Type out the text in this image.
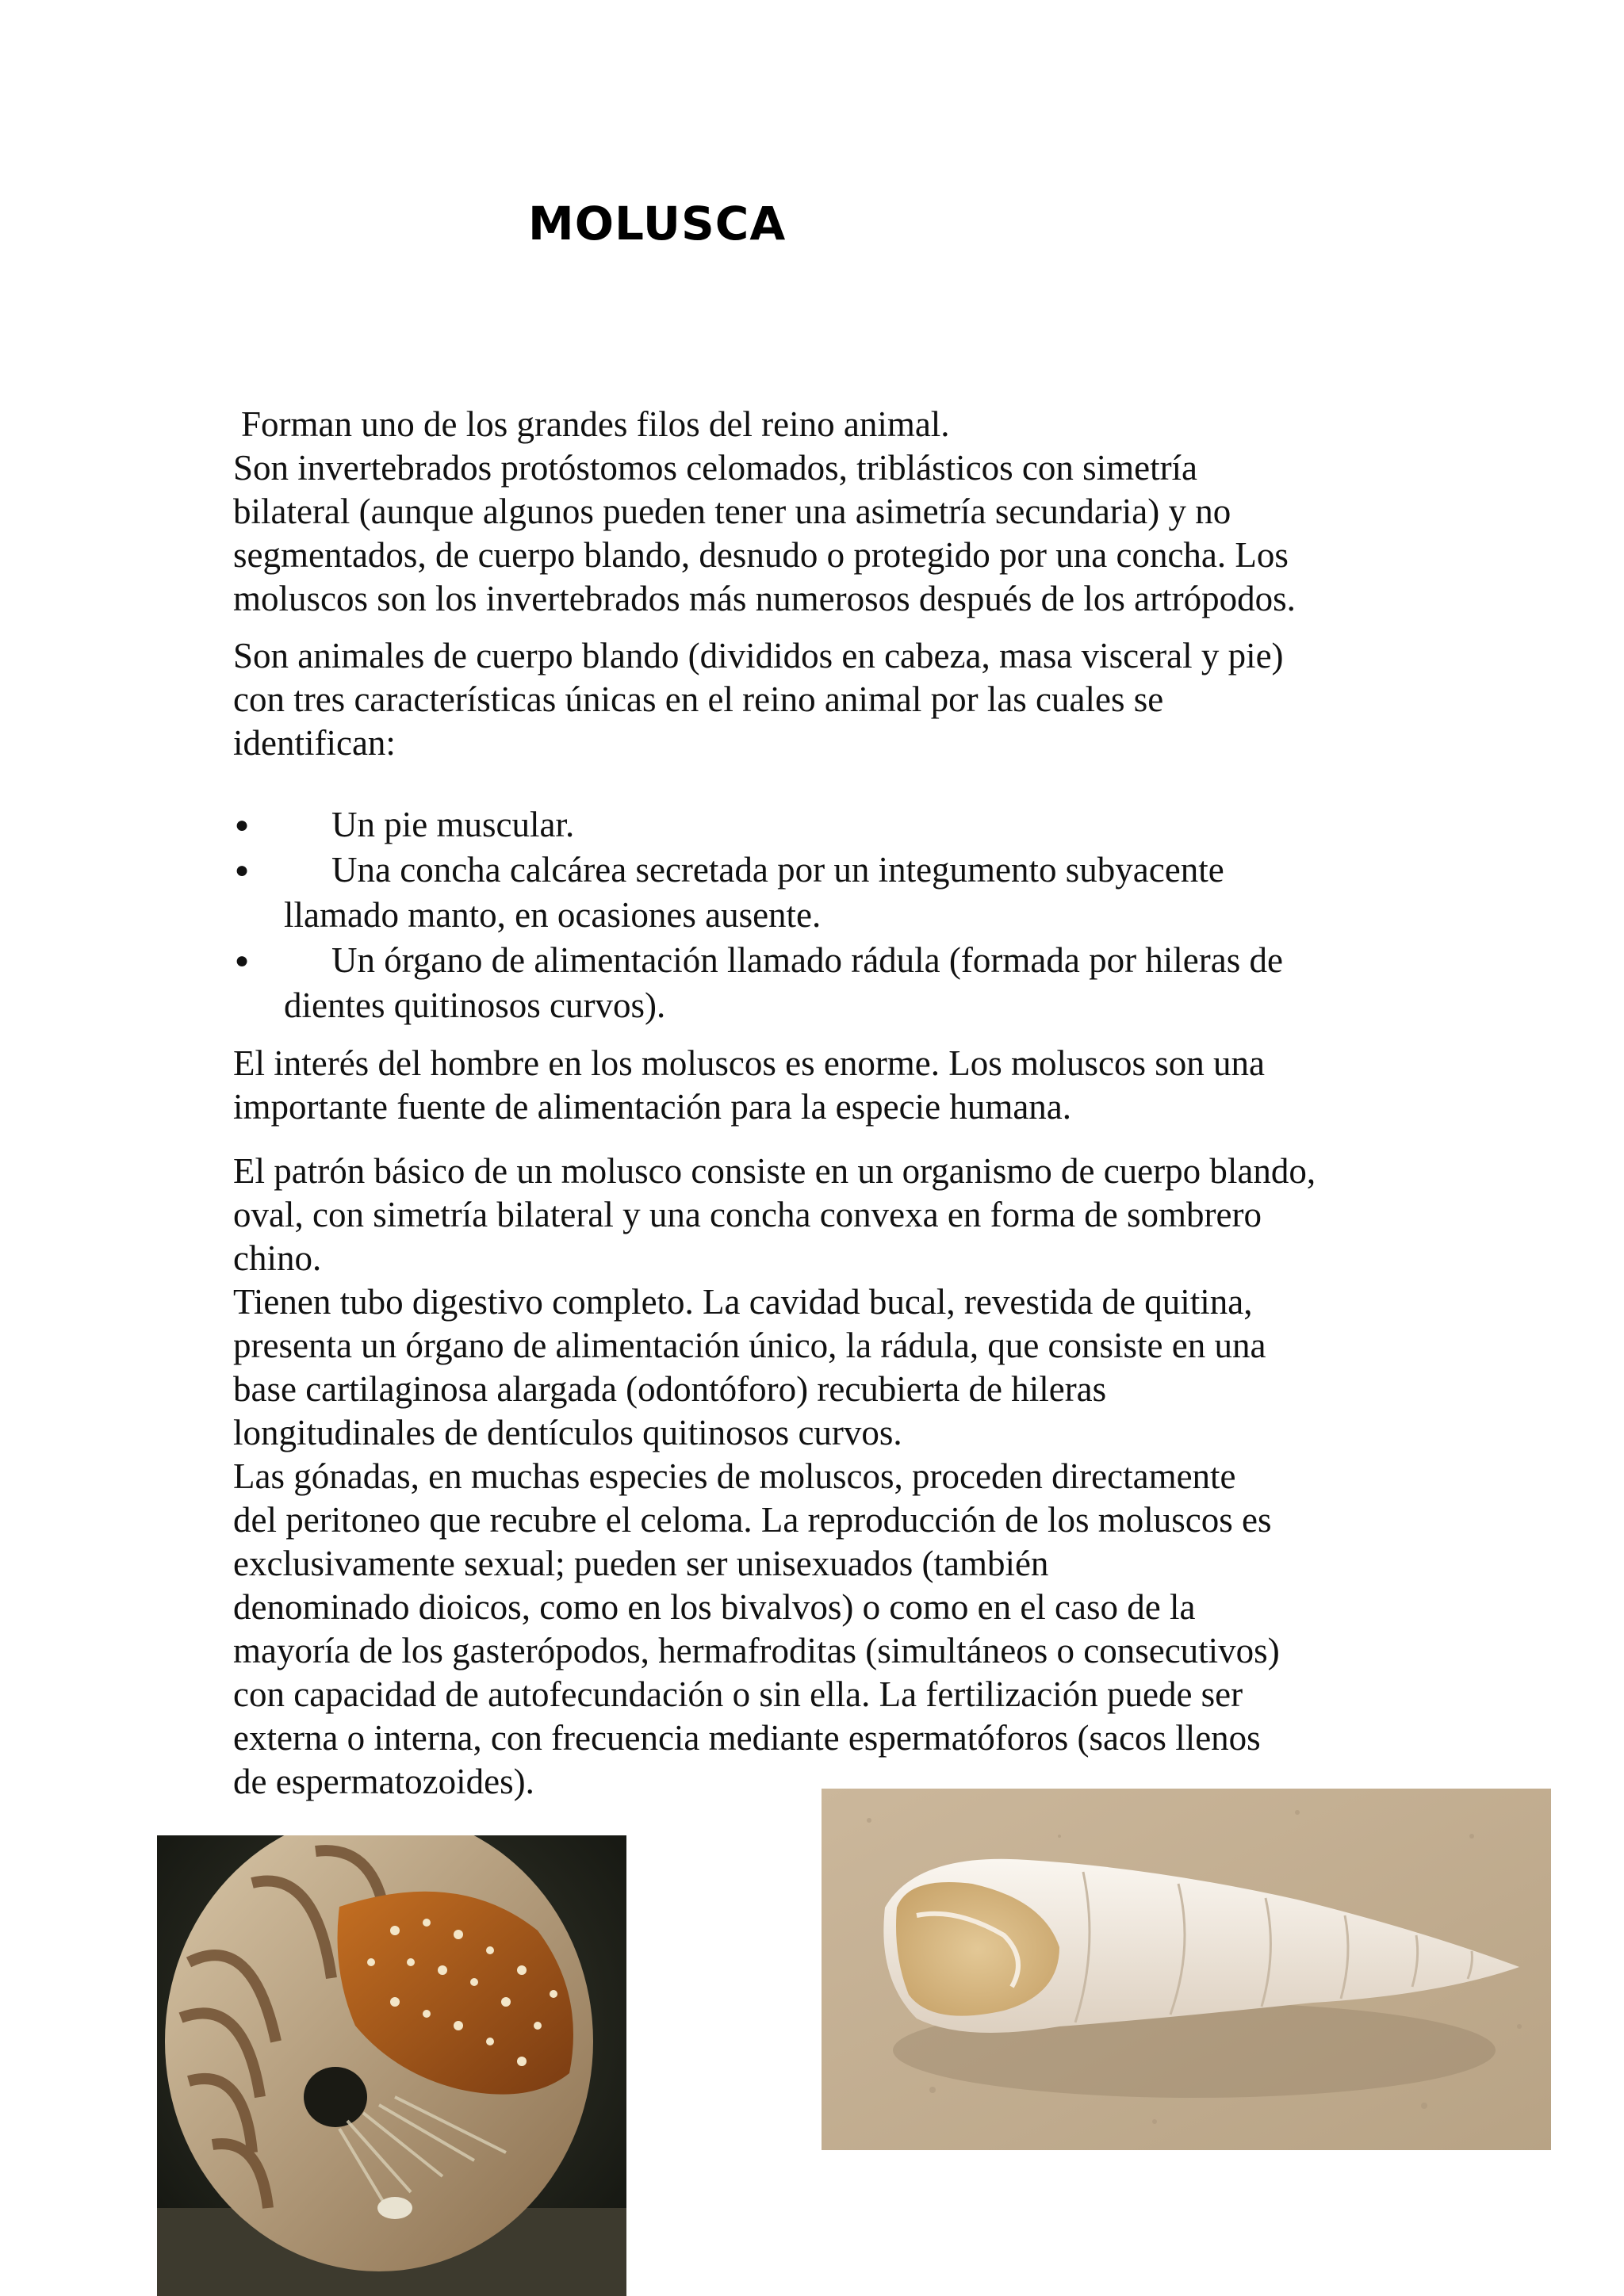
MOLUSCA
Forman uno de los grandes filos del reino animal.
Son invertebrados protóstomos celomados, triblásticos con simetría
bilateral (aunque algunos pueden tener una asimetría secundaria) y no
segmentados, de cuerpo blando, desnudo o protegido por una concha. Los
moluscos son los invertebrados más numerosos después de los artrópodos.
Son animales de cuerpo blando (divididos en cabeza, masa visceral y pie)
con tres características únicas en el reino animal por las cuales se
identifican:
●	Un pie muscular.
●	Una concha calcárea secretada por un integumento subyacente
llamado manto, en ocasiones ausente.
●	Un órgano de alimentación llamado rádula (formada por hileras de
dientes quitinosos curvos).
El interés del hombre en los moluscos es enorme. Los moluscos son una
importante fuente de alimentación para la especie humana.
El patrón básico de un molusco consiste en un organismo de cuerpo blando,
oval, con simetría bilateral y una concha convexa en forma de sombrero
chino.
Tienen tubo digestivo completo. La cavidad bucal, revestida de quitina,
presenta un órgano de alimentación único, la rádula, que consiste en una
base cartilaginosa alargada (odontóforo) recubierta de hileras
longitudinales de dentículos quitinosos curvos.
Las gónadas, en muchas especies de moluscos, proceden directamente
del peritoneo que recubre el celoma. La reproducción de los moluscos es
exclusivamente sexual; pueden ser unisexuados (también
denominado dioicos, como en los bivalvos) o como en el caso de la
mayoría de los gasterópodos, hermafroditas (simultáneos o consecutivos)
con capacidad de autofecundación o sin ella. La fertilización puede ser
externa o interna, con frecuencia mediante espermatóforos (sacos llenos
de espermatozoides).
